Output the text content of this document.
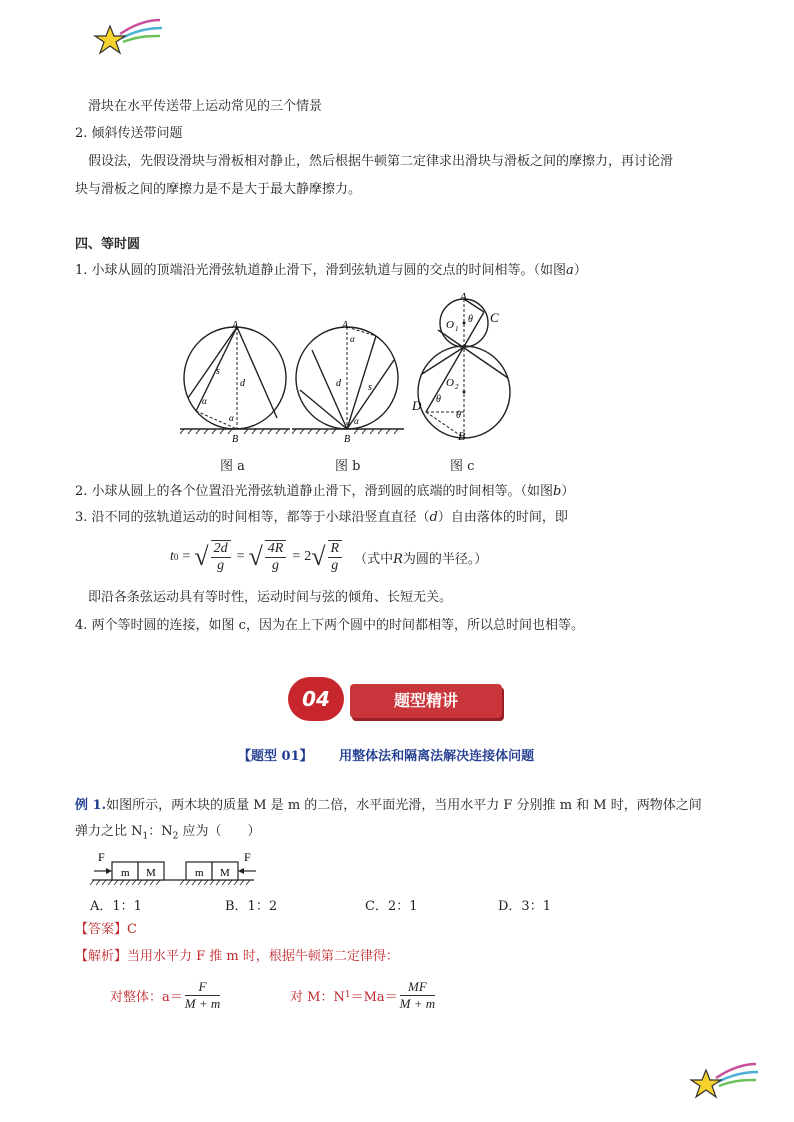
滑块在水平传送带上运动常见的三个情景
2. 倾斜传送带问题
假设法，先假设滑块与滑板相对静止，然后根据牛顿第二定律求出滑块与滑板之间的摩擦力，再讨论滑
块与滑板之间的摩擦力是不是大于最大静摩擦力。
四、等时圆
1. 小球从圆的顶端沿光滑弦轨道静止滑下，滑到弦轨道与圆的交点的时间相等。（如图a）
A
d
s
α
α
B
A
α
d	s
α
B
A
C
O 1
θ
O 2
D θ
θ
B
图 a	图 b	图 c
2. 小球从圆上的各个位置沿光滑弦轨道静止滑下，滑到圆的底端的时间相等。（如图b）
3. 沿不同的弦轨道运动的时间相等，都等于小球沿竖直直径（d）自由落体的时间，即
t 0 = √ $\frac{2d}{g}$ = √ $\frac{4R}{g} = 2$ √ $\frac{R}{g}$ （式中R为圆的半径。）
即沿各条弦运动具有等时性，运动时间与弦的倾角、长短无关。
4. 两个等时圆的连接，如图 c，因为在上下两个圆中的时间都相等，所以总时间也相等。
04	题型精讲
【题型 01】 用整体法和隔离法解决连接体问题
例 1.如图所示，两木块的质量 M 是 m 的二倍，水平面光滑，当用水平力 F 分别推 m 和 M 时，两物体之间
弹力之比 $N_1$：$N_2$ 应为（　　）
F	F
m M	m M
A．1：1	B．1：2	C．2：1	D．3：1
【答案】C
【解析】当用水平力 F 推 m 时，根据牛顿第二定律得：
对整体：$a= \frac{F}{M + m}$	对 M：N $1 =Ma= \frac{MF}{M + m}$
